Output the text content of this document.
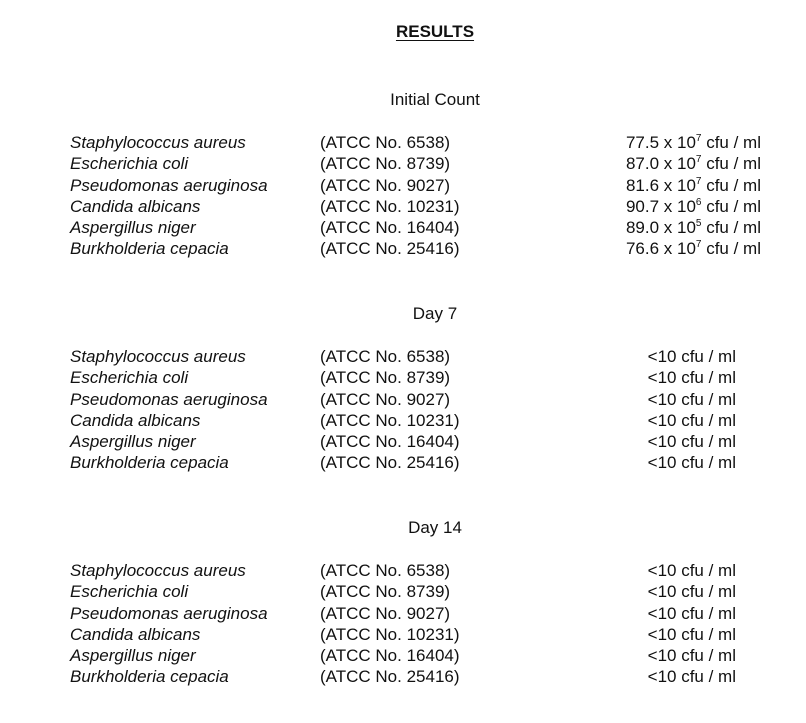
RESULTS
Initial Count
Staphylococcus aureus	(ATCC No. 6538)	77.5 x $10^7$ cfu / ml
Escherichia coli	(ATCC No. 8739)	87.0 x $10^7$ cfu / ml
Pseudomonas aeruginosa	(ATCC No. 9027)	81.6 x $10^7$ cfu / ml
Candida albicans	(ATCC No. 10231)	90.7 x $10^6$ cfu / ml
Aspergillus niger	(ATCC No. 16404)	89.0 x $10^5$ cfu / ml
Burkholderia cepacia	(ATCC No. 25416)	76.6 x $10^7$ cfu / ml
Day 7
Staphylococcus aureus	(ATCC No. 6538)	<10 cfu / ml
Escherichia coli	(ATCC No. 8739)	<10 cfu / ml
Pseudomonas aeruginosa	(ATCC No. 9027)	<10 cfu / ml
Candida albicans	(ATCC No. 10231)	<10 cfu / ml
Aspergillus niger	(ATCC No. 16404)	<10 cfu / ml
Burkholderia cepacia	(ATCC No. 25416)	<10 cfu / ml
Day 14
Staphylococcus aureus	(ATCC No. 6538)	<10 cfu / ml
Escherichia coli	(ATCC No. 8739)	<10 cfu / ml
Pseudomonas aeruginosa	(ATCC No. 9027)	<10 cfu / ml
Candida albicans	(ATCC No. 10231)	<10 cfu / ml
Aspergillus niger	(ATCC No. 16404)	<10 cfu / ml
Burkholderia cepacia	(ATCC No. 25416)	<10 cfu / ml
